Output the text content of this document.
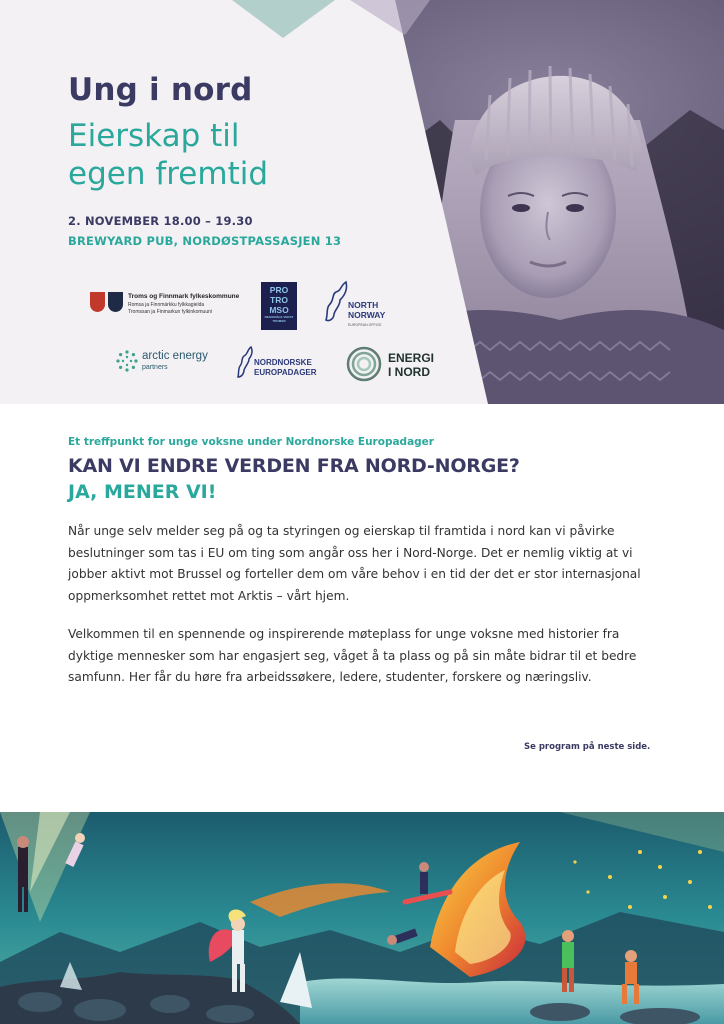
Ung i nord
Eierskap til
egen fremtid

2. NOVEMBER 18.00 – 19.30

BREWYARD PUB, NORDØSTPASSASJEN 13

Troms og Finnmark fylkeskommune
Romsa ja Finnmárkku fylkkagielda
Tromssan ja Finmarkun fylkinkomuuni
PRO
TRO
MSO
REGIONÅLE VEKST TROMSØ
NORTH
NORWAY
EUROPEAN OFFICE
arctic energy
partners
NORDNORSKE
EUROPADAGER
ENERGI
I NORD

Et treffpunkt for unge voksne under Nordnorske Europadager

KAN VI ENDRE VERDEN FRA NORD-NORGE?
JA, MENER VI!

Når unge selv melder seg på og ta styringen og eierskap til framtida i nord kan vi påvirke beslutninger som tas i EU om ting som angår oss her i Nord-Norge. Det er nemlig viktig at vi jobber aktivt mot Brussel og forteller dem om våre behov i en tid der det er stor internasjonal oppmerksomhet rettet mot Arktis – vårt hjem.

Velkommen til en spennende og inspirerende møteplass for unge voksne med historier fra dyktige mennesker som har engasjert seg, våget å ta plass og på sin måte bidrar til et bedre samfunn. Her får du høre fra arbeidssøkere, ledere, studenter, forskere og næringsliv.

Se program på neste side.
